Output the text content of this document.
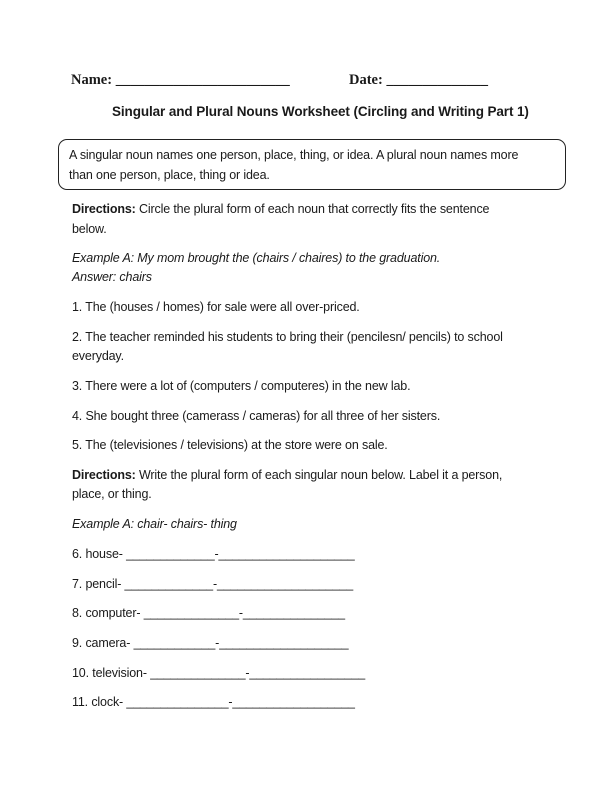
Name: ________________________	Date: ______________
Singular and Plural Nouns Worksheet (Circling and Writing Part 1)

A singular noun names one person, place, thing, or idea. A plural noun names more

than one person, place, thing or idea.

Directions: Circle the plural form of each noun that correctly fits the sentence
below.
Example A: My mom brought the (chairs / chaires) to the graduation.
Answer: chairs
1. The (houses / homes) for sale were all over-priced.
2. The teacher reminded his students to bring their (pencilesn/ pencils) to school
everyday.
3. There were a lot of (computers / computeres) in the new lab.
4. She bought three (camerass / cameras) for all three of her sisters.
5. The (televisiones / televisions) at the store were on sale.
Directions: Write the plural form of each singular noun below. Label it a person,
place, or thing.
Example A: chair- chairs- thing
6. house- _____________-____________________
7. pencil- _____________-____________________
8. computer- ______________-_______________
9. camera- ____________-___________________
10. television- ______________-_________________
11. clock- _______________-__________________
